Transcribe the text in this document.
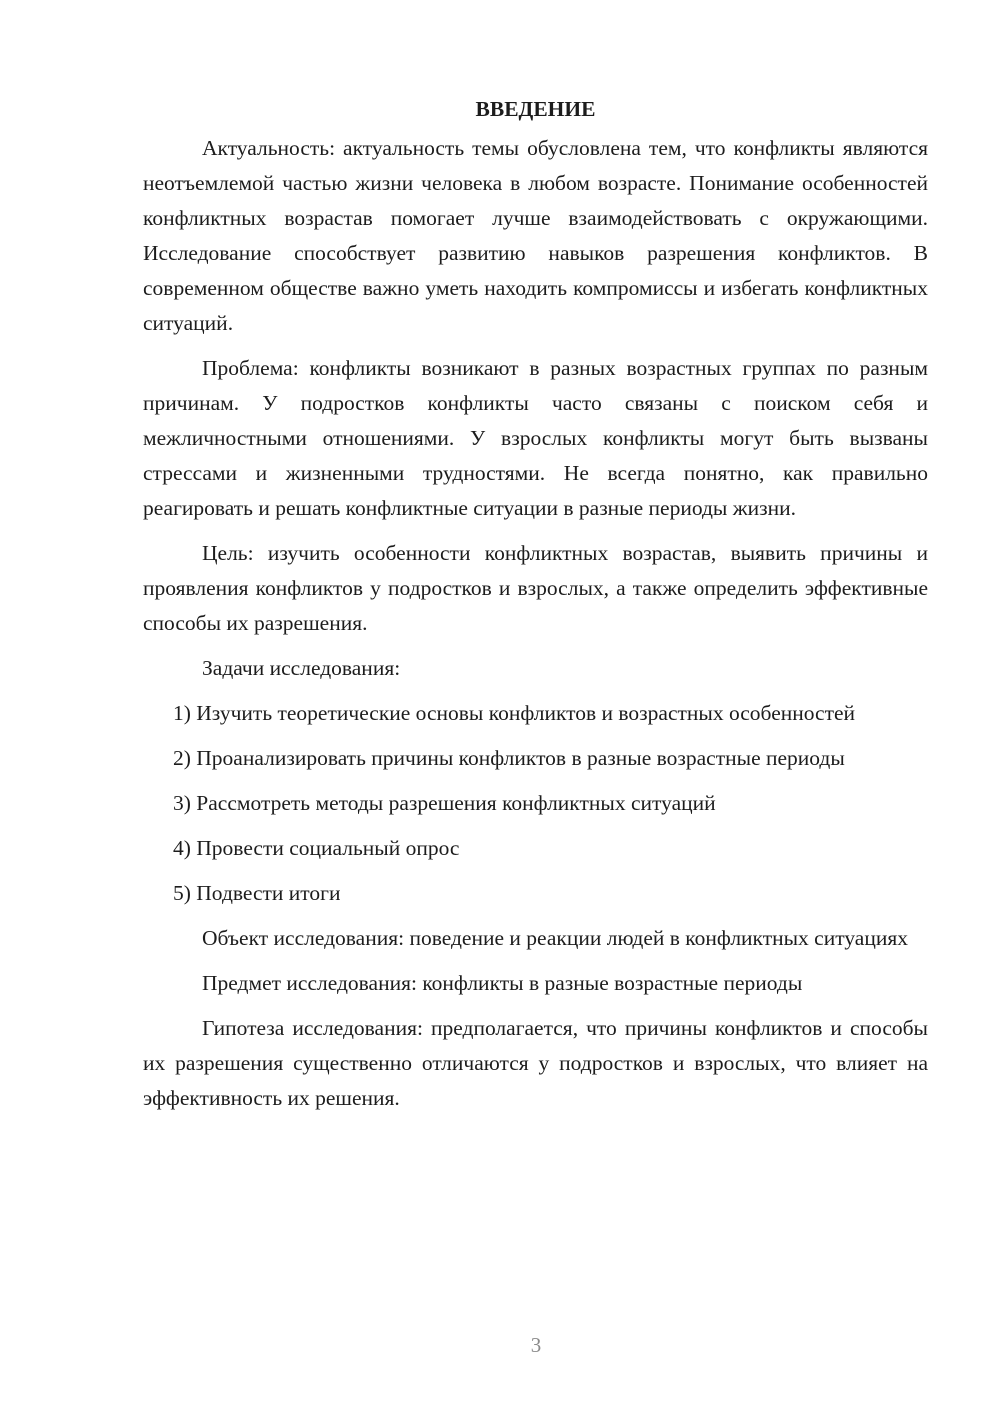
ВВЕДЕНИЕ

Актуальность: актуальность темы обусловлена тем, что конфликты являются неотъемлемой частью жизни человека в любом возрасте. Понимание особенностей конфликтных возрастав помогает лучше взаимодействовать с окружающими. Исследование способствует развитию навыков разрешения конфликтов. В современном обществе важно уметь находить компромиссы и избегать конфликтных ситуаций.

Проблема: конфликты возникают в разных возрастных группах по разным причинам. У подростков конфликты часто связаны с поиском себя и межличностными отношениями. У взрослых конфликты могут быть вызваны стрессами и жизненными трудностями. Не всегда понятно, как правильно реагировать и решать конфликтные ситуации в разные периоды жизни.

Цель: изучить особенности конфликтных возрастав, выявить причины и проявления конфликтов у подростков и взрослых, а также определить эффективные способы их разрешения.

Задачи исследования:

1) Изучить теоретические основы конфликтов и возрастных особенностей

2) Проанализировать причины конфликтов в разные возрастные периоды

3) Рассмотреть методы разрешения конфликтных ситуаций

4) Провести социальный опрос

5) Подвести итоги

Объект исследования: поведение и реакции людей в конфликтных ситуациях

Предмет исследования: конфликты в разные возрастные периоды

Гипотеза исследования: предполагается, что причины конфликтов и способы их разрешения существенно отличаются у подростков и взрослых, что влияет на эффективность их решения.

3
